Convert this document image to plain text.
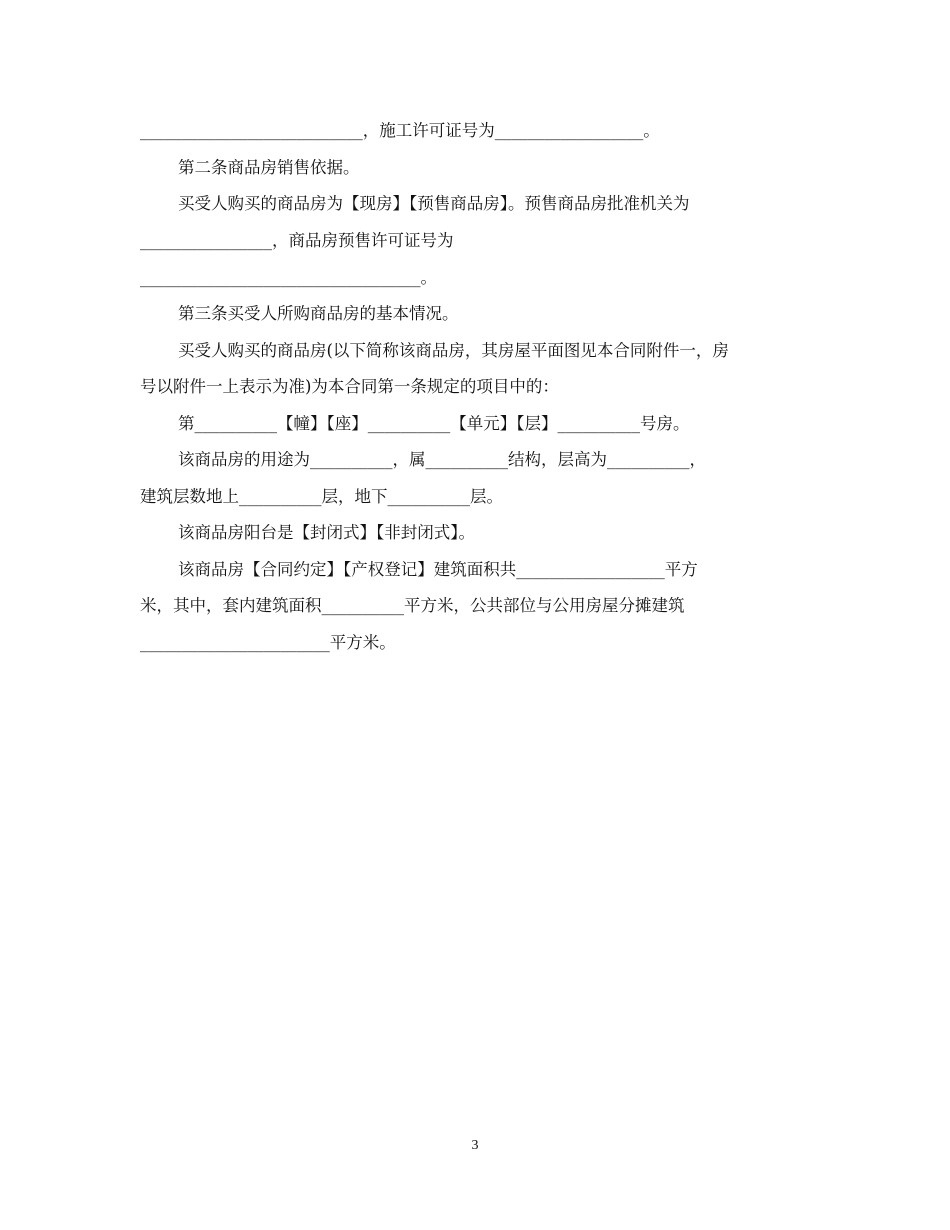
___________________________，施工许可证号为__________________。
第二条商品房销售依据。
买受人购买的商品房为【现房】【预售商品房】。预售商品房批准机关为
________________，商品房预售许可证号为
__________________________________。
第三条买受人所购商品房的基本情况。
买受人购买的商品房(以下简称该商品房，其房屋平面图见本合同附件一，房
号以附件一上表示为准)为本合同第一条规定的项目中的：
第__________【幢】【座】__________【单元】【层】__________号房。
该商品房的用途为__________，属__________结构，层高为__________，
建筑层数地上__________层，地下__________层。
该商品房阳台是【封闭式】【非封闭式】。
该商品房【合同约定】【产权登记】建筑面积共__________________平方
米，其中，套内建筑面积__________平方米，公共部位与公用房屋分摊建筑
_______________________平方米。
3
